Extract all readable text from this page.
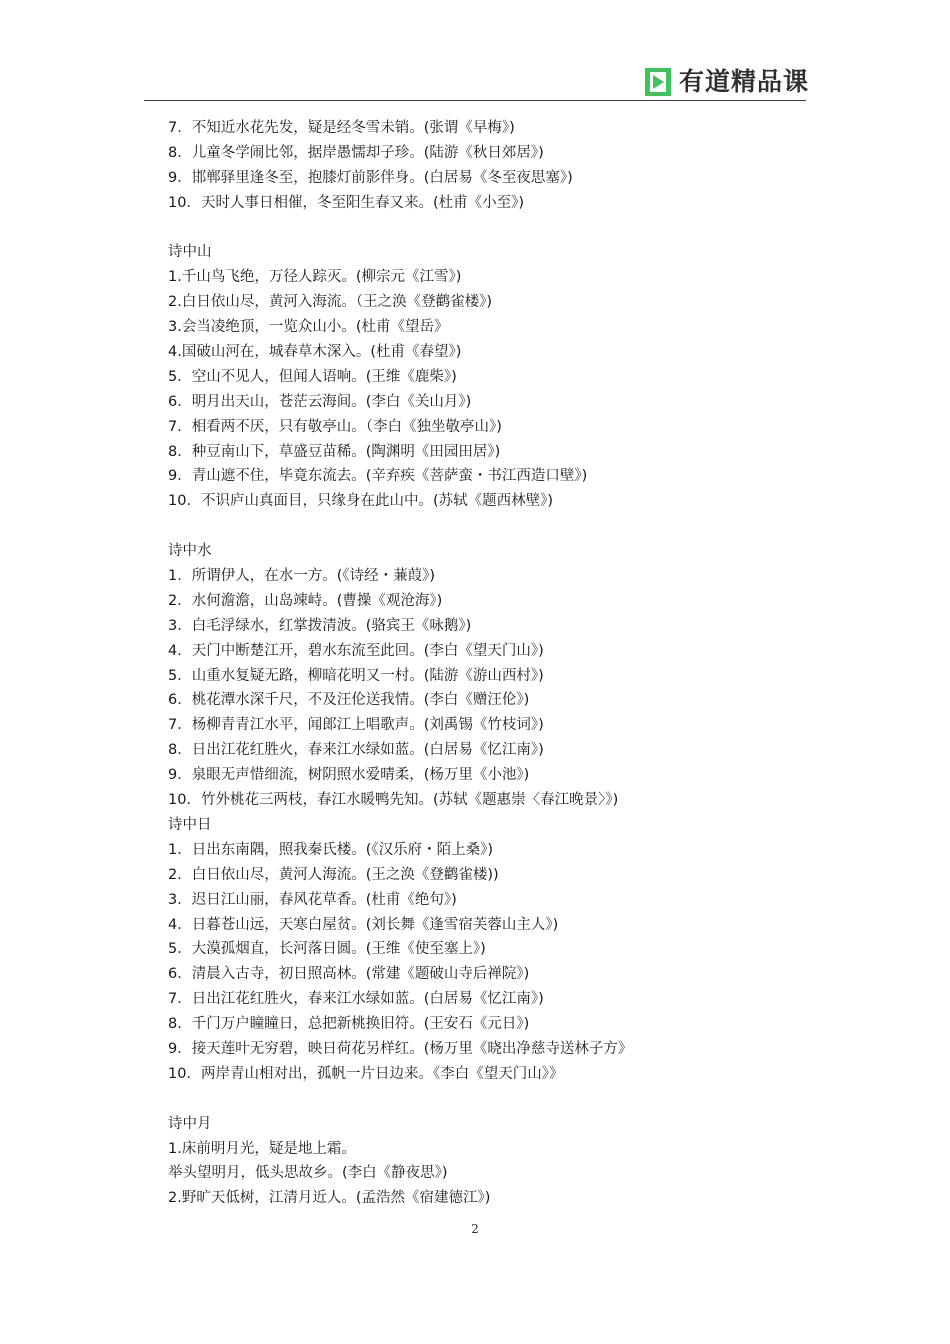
有道精品课
7．不知近水花先发，疑是经冬雪未销。(张谓《早梅》)
8．儿童冬学闹比邻，据岸愚懦却子珍。(陆游《秋日郊居》)
9．邯郸驿里逢冬至，抱膝灯前影伴身。(白居易《冬至夜思塞》)
10．天时人事日相催，冬至阳生春又来。(杜甫《小至》)
诗中山
1.千山鸟飞绝，万径人踪灭。(柳宗元《江雪》)
2.白日依山尽，黄河入海流。（王之涣《登鹳雀楼》)
3.会当凌绝顶，一览众山小。(杜甫《望岳》
4.国破山河在，城春草木深入。(杜甫《春望》)
5．空山不见人，但闻人语响。(王维《鹿柴》)
6．明月出天山，苍茫云海间。(李白《关山月》)
7．相看两不厌，只有敬亭山。（李白《独坐敬亭山》)
8．种豆南山下，草盛豆苗稀。(陶渊明《田园田居》)
9．青山遮不住，毕竟东流去。(辛弃疾《菩萨蛮・书江西造口壁》)
10．不识庐山真面目，只缘身在此山中。(苏轼《题西林壁》)
诗中水
1．所谓伊人，在水一方。(《诗经・蒹葭》)
2．水何澹澹，山岛竦峙。(曹操《观沧海》)
3．白毛浮绿水，红掌拨清波。(骆宾王《咏鹅》)
4．天门中断楚江开，碧水东流至此回。(李白《望天门山》)
5．山重水复疑无路，柳暗花明又一村。(陆游《游山西村》)
6．桃花潭水深千尺，不及汪伦送我情。(李白《赠汪伦》)
7．杨柳青青江水平，闻郎江上唱歌声。(刘禹锡《竹枝词》)
8．日出江花红胜火，春来江水绿如蓝。(白居易《忆江南》)
9．泉眼无声惜细流，树阴照水爱晴柔，(杨万里《小池》)
10．竹外桃花三两枝，春江水暖鸭先知。(苏轼《题惠崇〈春江晚景〉》)
诗中日
1．日出东南隅，照我秦氏楼。(《汉乐府・陌上桑》)
2．白日依山尽，黄河人海流。(王之涣《登鹳雀楼))
3．迟日江山丽，春风花草香。(杜甫《绝句》)
4．日暮苍山远，天寒白屋贫。(刘长舞《逢雪宿芙蓉山主人》)
5．大漠孤烟直，长河落日圆。(王维《使至塞上》)
6．清晨入古寺，初日照高林。(常建《题破山寺后禅院》)
7．日出江花红胜火，春来江水绿如蓝。(白居易《忆江南》)
8．千门万户瞳瞳日，总把新桃换旧符。(王安石《元日》)
9．接天莲叶无穷碧，映日荷花另样红。(杨万里《晓出净慈寺送林子方》
10．两岸青山相对出，孤帆一片日边来。《李白《望天门山》》
诗中月
1.床前明月光，疑是地上霜。
举头望明月，低头思故乡。(李白《静夜思》)
2.野旷天低树，江清月近人。(孟浩然《宿建德江》)
2
